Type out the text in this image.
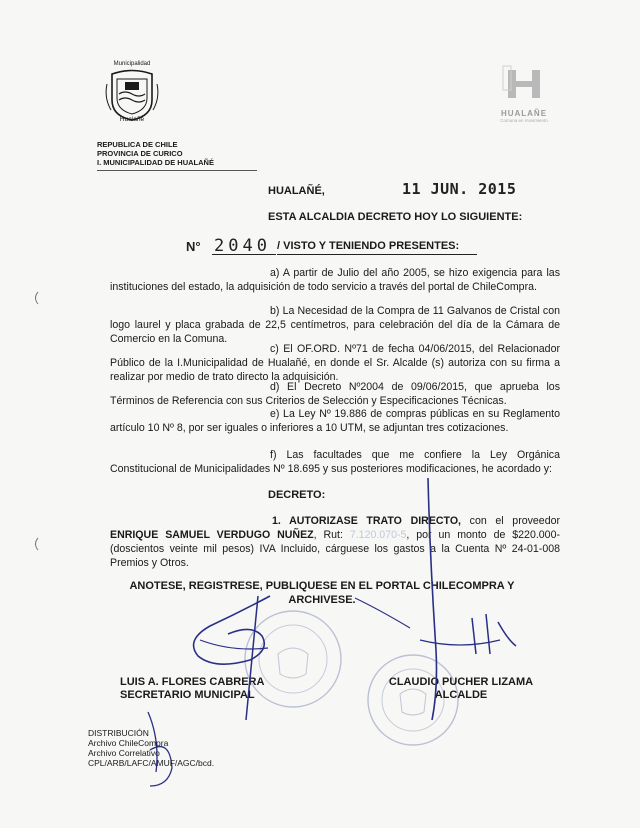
Municipalidad
Hualañe
HUALAÑE
Comuna en movimiento
REPUBLICA DE CHILE
PROVINCIA DE CURICO
I. MUNICIPALIDAD DE HUALAÑÉ
HUALAÑÉ,	11 JUN. 2015
ESTA ALCALDIA DECRETO HOY LO SIGUIENTE:
N° 2040 / VISTO Y TENIENDO PRESENTES:
a) A partir de Julio del año 2005, se hizo exigencia para las instituciones del estado, la adquisición de todo servicio a través del portal de ChileCompra.
b) La Necesidad de la Compra de 11 Galvanos de Cristal con logo laurel y placa grabada de 22,5 centímetros, para celebración del día de la Cámara de Comercio en la Comuna.
c) El OF.ORD. Nº71 de fecha 04/06/2015, del Relacionador Público de la I.Municipalidad de Hualañé, en donde el Sr. Alcalde (s) autoriza con su firma a realizar por medio de trato directo la adquisición.
d) El Decreto Nº2004 de 09/06/2015, que aprueba los Términos de Referencia con sus Criterios de Selección y Especificaciones Técnicas.
e) La Ley Nº 19.886 de compras públicas en su Reglamento artículo 10 Nº 8, por ser iguales o inferiores a 10 UTM, se adjuntan tres cotizaciones.
f) Las facultades que me confiere la Ley Orgánica Constitucional de Municipalidades Nº 18.695 y sus posteriores modificaciones, he acordado y:
DECRETO:
1. AUTORIZASE TRATO DIRECTO, con el proveedor ENRIQUE SAMUEL VERDUGO NUÑEZ, Rut: 7.120.070-5, por un monto de $220.000- (doscientos veinte mil pesos) IVA Incluido, cárguese los gastos a la Cuenta Nº 24-01-008 Premios y Otros.
ANOTESE, REGISTRESE, PUBLIQUESE EN EL PORTAL CHILECOMPRA Y ARCHIVESE.
LUIS A. FLORES CABRERA
SECRETARIO MUNICIPAL
CLAUDIO PUCHER LIZAMA
ALCALDE
DISTRIBUCIÓN
Archivo ChileCompra
Archivo Correlativo
CPL/ARB/LAFC/AMUF/AGC/bcd.
